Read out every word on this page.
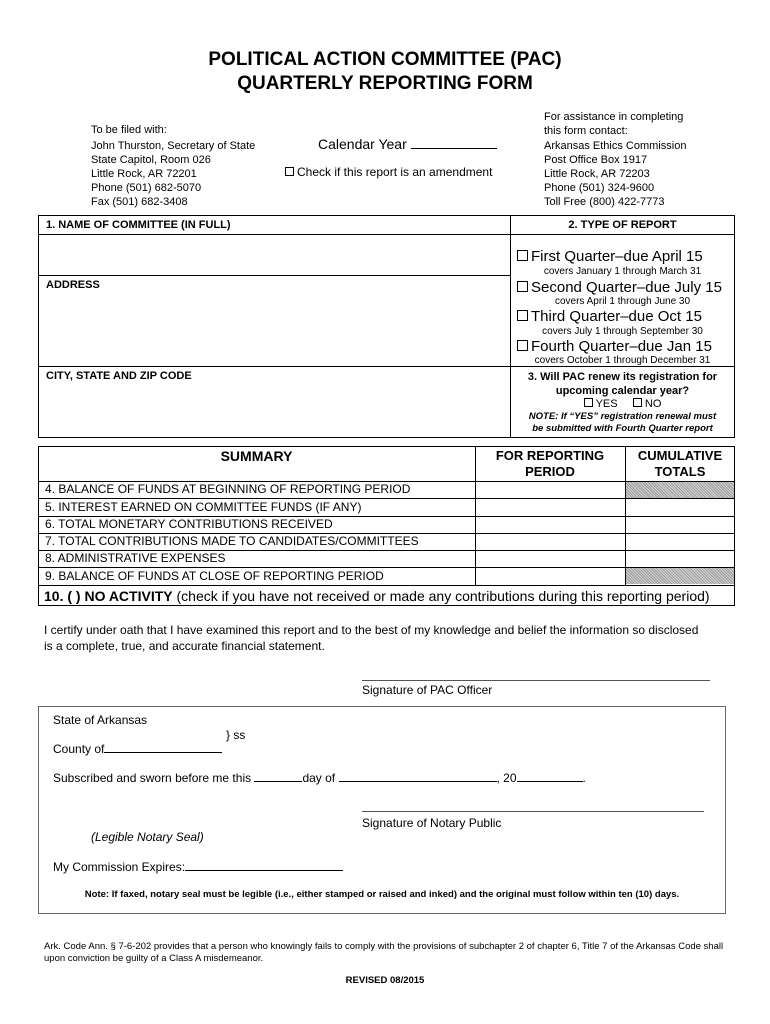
POLITICAL ACTION COMMITTEE (PAC)
QUARTERLY REPORTING FORM
To be filed with:
John Thurston, Secretary of State
State Capitol, Room 026
Little Rock, AR 72201
Phone (501) 682-5070
Fax (501) 682-3408
Calendar Year
Check if this report is an amendment
For assistance in completing
this form contact:
Arkansas Ethics Commission
Post Office Box 1917
Little Rock, AR 72203
Phone (501) 324-9600
Toll Free (800) 422-7773
1. NAME OF COMMITTEE (IN FULL)
ADDRESS
CITY, STATE AND ZIP CODE
2. TYPE OF REPORT
First Quarter–due April 15
covers January 1 through March 31
Second Quarter–due July 15
covers April 1 through June 30
Third Quarter–due Oct 15
covers July 1 through September 30
Fourth Quarter–due Jan 15
covers October 1 through December 31
3. Will PAC renew its registration for
upcoming calendar year?
YES NO
NOTE: If “YES” registration renewal must
be submitted with Fourth Quarter report
SUMMARY	FOR REPORTING
PERIOD
CUMULATIVE
TOTALS
4. BALANCE OF FUNDS AT BEGINNING OF REPORTING PERIOD
5. INTEREST EARNED ON COMMITTEE FUNDS (IF ANY)
6. TOTAL MONETARY CONTRIBUTIONS RECEIVED
7. TOTAL CONTRIBUTIONS MADE TO CANDIDATES/COMMITTEES
8. ADMINISTRATIVE EXPENSES
9. BALANCE OF FUNDS AT CLOSE OF REPORTING PERIOD
10. ( ) NO ACTIVITY (check if you have not received or made any contributions during this reporting period)
I certify under oath that I have examined this report and to the best of my knowledge and belief the information so disclosed is a complete, true, and accurate financial statement.
Signature of PAC Officer
State of Arkansas
} ss
County of
Subscribed and sworn before me this	day of	, 20	.
Signature of Notary Public
(Legible Notary Seal)
My Commission Expires:
Note: If faxed, notary seal must be legible (i.e., either stamped or raised and inked) and the original must follow within ten (10) days.
Ark. Code Ann. § 7-6-202 provides that a person who knowingly fails to comply with the provisions of subchapter 2 of chapter 6, Title 7 of the Arkansas Code shall upon conviction be guilty of a Class A misdemeanor.
REVISED 08/2015
